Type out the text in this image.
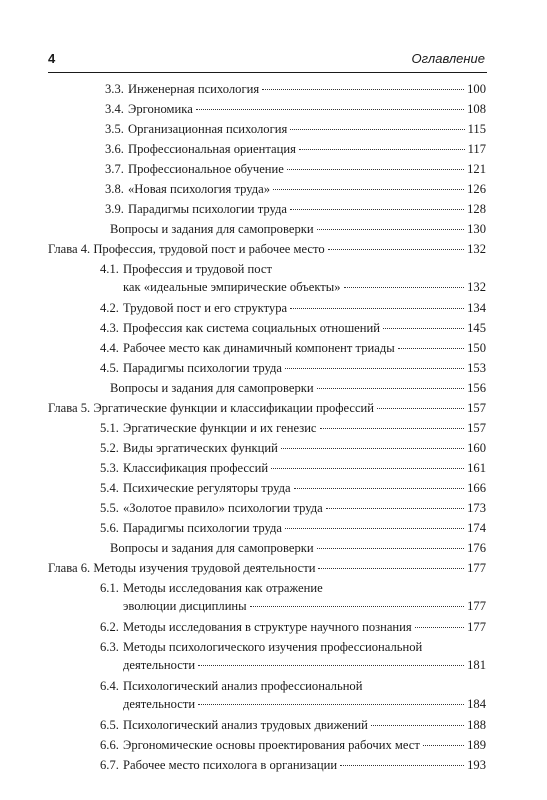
4	Оглавление
3.3. Инженерная психология	100
3.4. Эргономика	108
3.5. Организационная психология	115
3.6. Профессиональная ориентация	117
3.7. Профессиональное обучение	121
3.8. «Новая психология труда»	126
3.9. Парадигмы психологии труда	128
Вопросы и задания для самопроверки	130
Глава 4. Профессия, трудовой пост и рабочее место	132
4.1. Профессия и трудовой пост
как «идеальные эмпирические объекты»	132
4.2. Трудовой пост и его структура	134
4.3. Профессия как система социальных отношений	145
4.4. Рабочее место как динамичный компонент триады	150
4.5. Парадигмы психологии труда	153
Вопросы и задания для самопроверки	156
Глава 5. Эргатические функции и классификации профессий	157
5.1. Эргатические функции и их генезис	157
5.2. Виды эргатических функций	160
5.3. Классификация профессий	161
5.4. Психические регуляторы труда	166
5.5. «Золотое правило» психологии труда	173
5.6. Парадигмы психологии труда	174
Вопросы и задания для самопроверки	176
Глава 6. Методы изучения трудовой деятельности	177
6.1. Методы исследования как отражение
эволюции дисциплины	177
6.2. Методы исследования в структуре научного познания	177
6.3. Методы психологического изучения профессиональной
деятельности	181
6.4. Психологический анализ профессиональной
деятельности	184
6.5. Психологический анализ трудовых движений	188
6.6. Эргономические основы проектирования рабочих мест	189
6.7. Рабочее место психолога в организации	193
